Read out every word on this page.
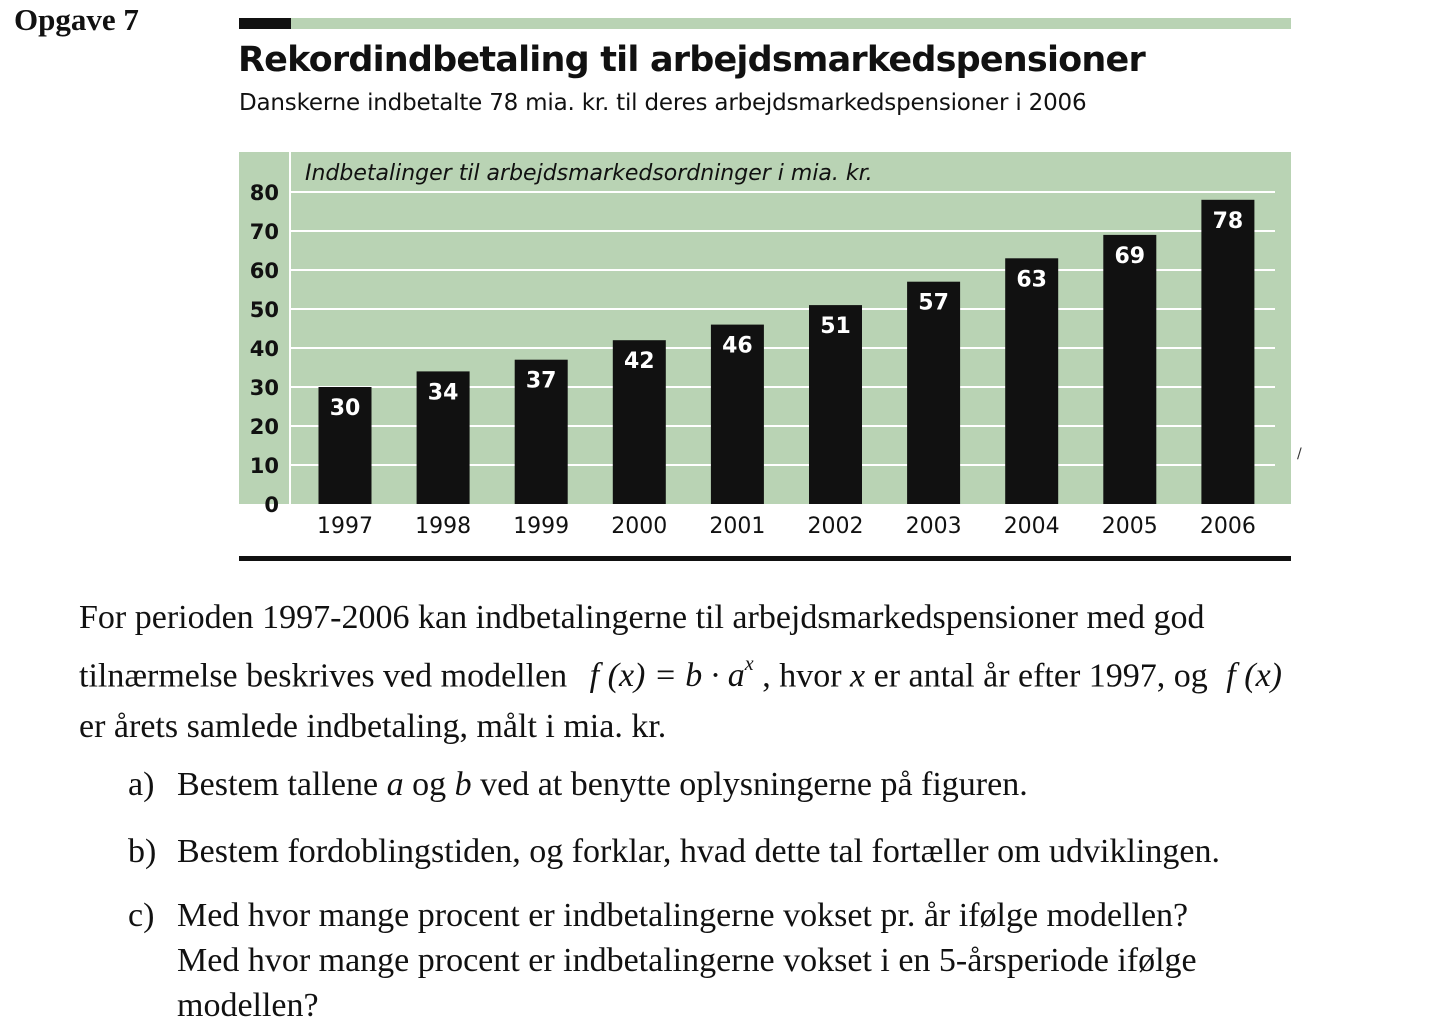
Opgave 7
Rekordindbetaling til arbejdsmarkedspensioner
Danskerne indbetalte 78 mia. kr. til deres arbejdsmarkedspensioner i 2006
0
10
20
30
40
50
60
70
80
Indbetalinger til arbejdsmarkedsordninger i mia. kr.
30
1997
34
1998
37
1999
42
2000
46
2001
51
2002
57
2003
63
2004
69
2005
78
2006
/
For perioden 1997-2006 kan indbetalingerne til arbejdsmarkedspensioner med god
tilnærmelse beskrives ved modellen f $(x) = b \cdot a^x$ , hvor x er antal år efter 1997, og f (x)
er årets samlede indbetaling, målt i mia. kr.
a) Bestem tallene a og b ved at benytte oplysningerne på figuren.
b) Bestem fordoblingstiden, og forklar, hvad dette tal fortæller om udviklingen.
c) Med hvor mange procent er indbetalingerne vokset pr. år ifølge modellen?
Med hvor mange procent er indbetalingerne vokset i en 5-årsperiode ifølge
modellen?
